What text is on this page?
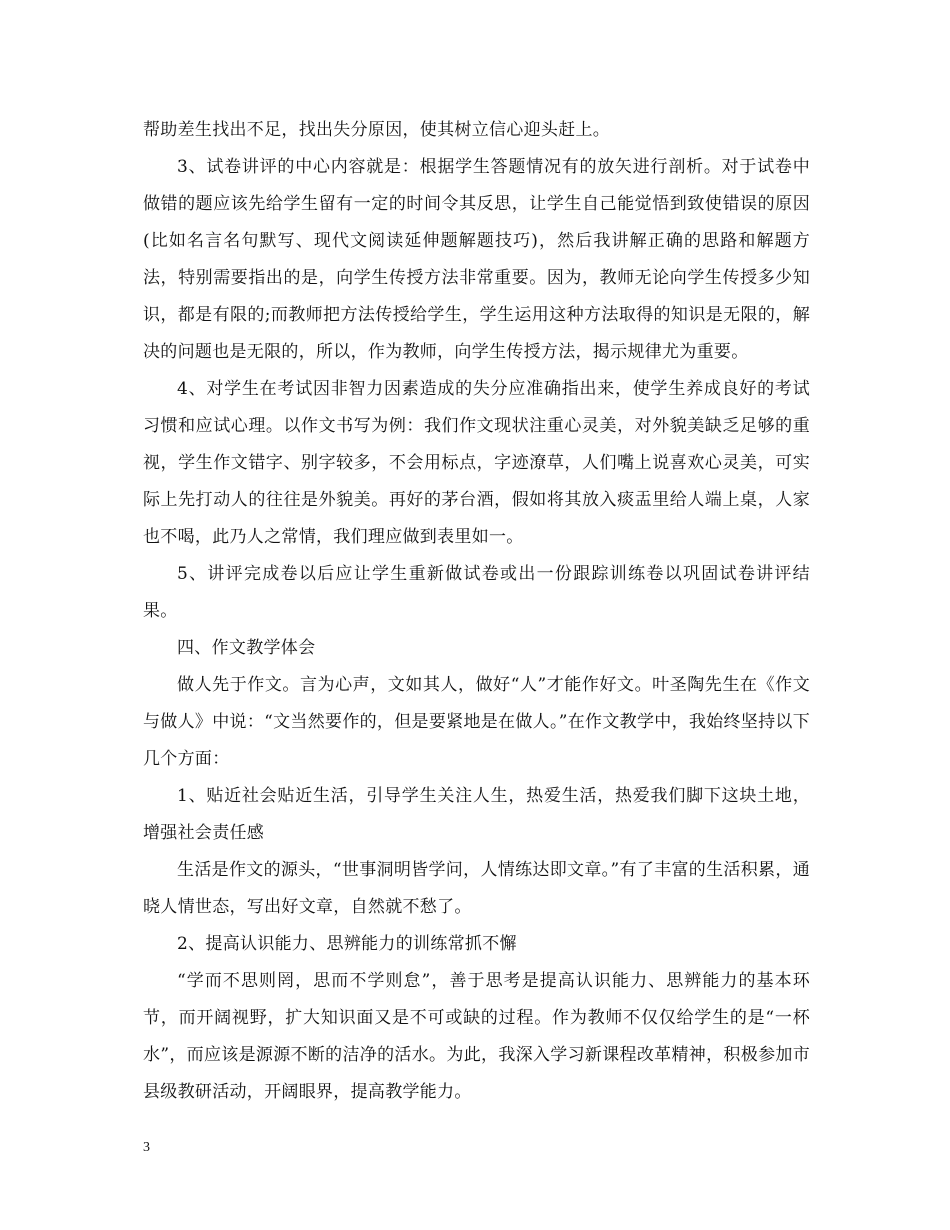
帮助差生找出不足，找出失分原因，使其树立信心迎头赶上。

3、试卷讲评的中心内容就是：根据学生答题情况有的放矢进行剖析。对于试卷中做错的题应该先给学生留有一定的时间令其反思，让学生自己能觉悟到致使错误的原因(比如名言名句默写、现代文阅读延伸题解题技巧)，然后我讲解正确的思路和解题方法，特别需要指出的是，向学生传授方法非常重要。因为，教师无论向学生传授多少知识，都是有限的;而教师把方法传授给学生，学生运用这种方法取得的知识是无限的，解决的问题也是无限的，所以，作为教师，向学生传授方法，揭示规律尤为重要。

4、对学生在考试因非智力因素造成的失分应准确指出来，使学生养成良好的考试习惯和应试心理。以作文书写为例：我们作文现状注重心灵美，对外貌美缺乏足够的重视，学生作文错字、别字较多，不会用标点，字迹潦草，人们嘴上说喜欢心灵美，可实际上先打动人的往往是外貌美。再好的茅台酒，假如将其放入痰盂里给人端上桌，人家也不喝，此乃人之常情，我们理应做到表里如一。

5、讲评完成卷以后应让学生重新做试卷或出一份跟踪训练卷以巩固试卷讲评结果。

四、作文教学体会

做人先于作文。言为心声，文如其人，做好“人”才能作好文。叶圣陶先生在《作文与做人》中说：“文当然要作的，但是要紧地是在做人。”在作文教学中，我始终坚持以下几个方面：

1、贴近社会贴近生活，引导学生关注人生，热爱生活，热爱我们脚下这块土地，增强社会责任感

生活是作文的源头，“世事洞明皆学问，人情练达即文章。”有了丰富的生活积累，通晓人情世态，写出好文章，自然就不愁了。

2、提高认识能力、思辨能力的训练常抓不懈

“学而不思则罔，思而不学则怠”，善于思考是提高认识能力、思辨能力的基本环节，而开阔视野，扩大知识面又是不可或缺的过程。作为教师不仅仅给学生的是“一杯水”，而应该是源源不断的洁净的活水。为此，我深入学习新课程改革精神，积极参加市县级教研活动，开阔眼界，提高教学能力。

3
